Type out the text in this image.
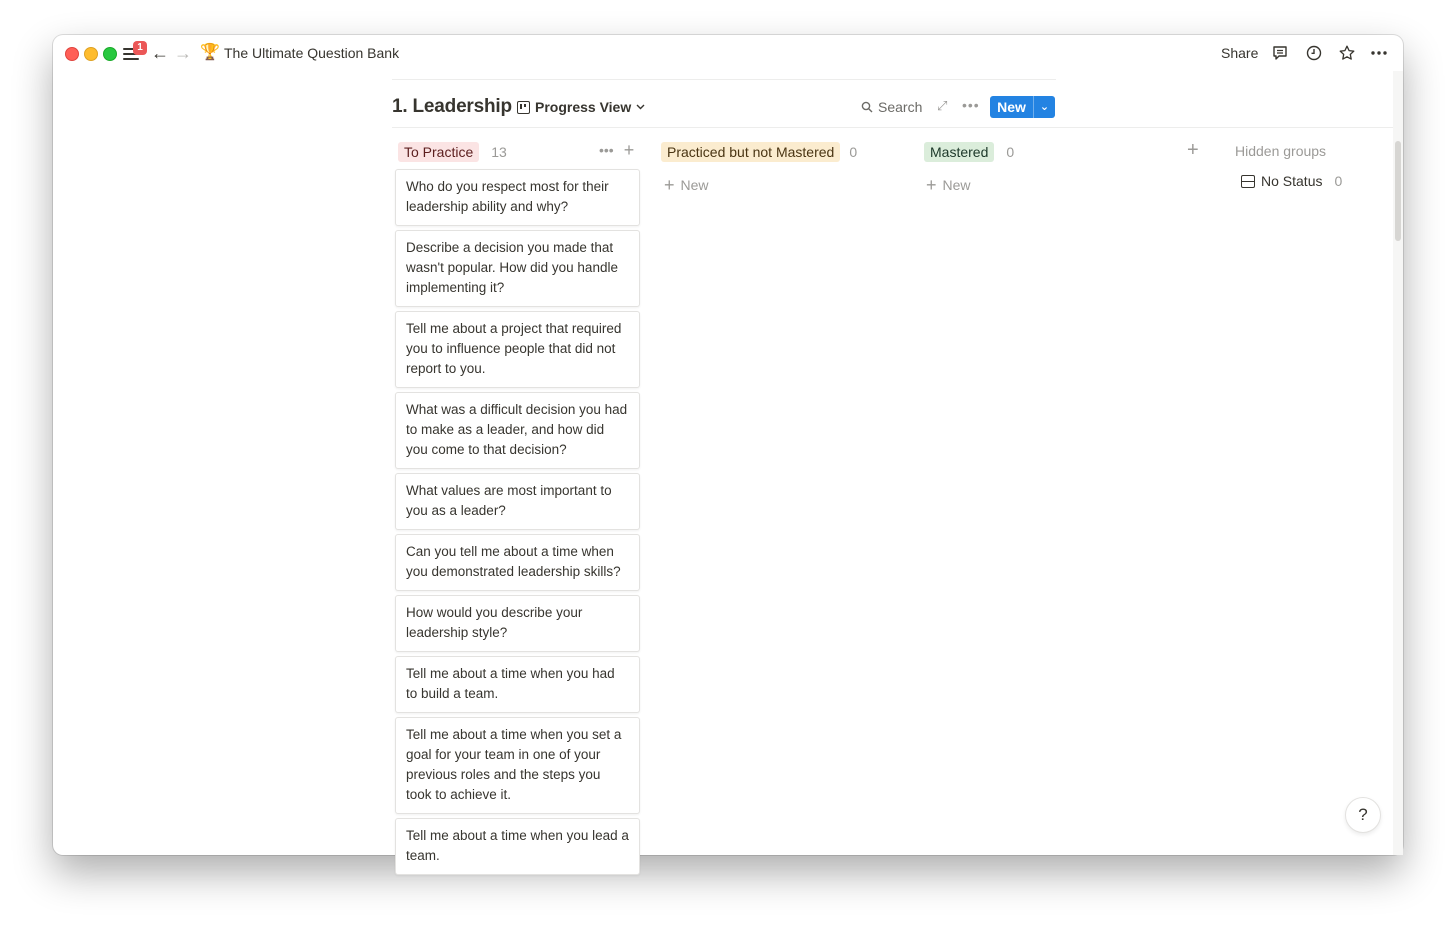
1 ← → 🏆 The Ultimate Question Bank	Share
1. Leadership Progress View	Search ⤢ •••	New	⌄
To Practice	13	••• +	Practiced but not Mastered	0
+ New
Mastered	0
+ New
+	Hidden groups
No Status 0
Who do you respect most for their leadership ability and why?
Describe a decision you made that wasn't popular. How did you handle implementing it?
Tell me about a project that required you to influence people that did not report to you.
What was a difficult decision you had to make as a leader, and how did you come to that decision?
What values are most important to you as a leader?
Can you tell me about a time when you demonstrated leadership skills?
How would you describe your leadership style?
Tell me about a time when you had to build a team.
Tell me about a time when you set a goal for your team in one of your previous roles and the steps you took to achieve it.
Tell me about a time when you lead a team.
?
